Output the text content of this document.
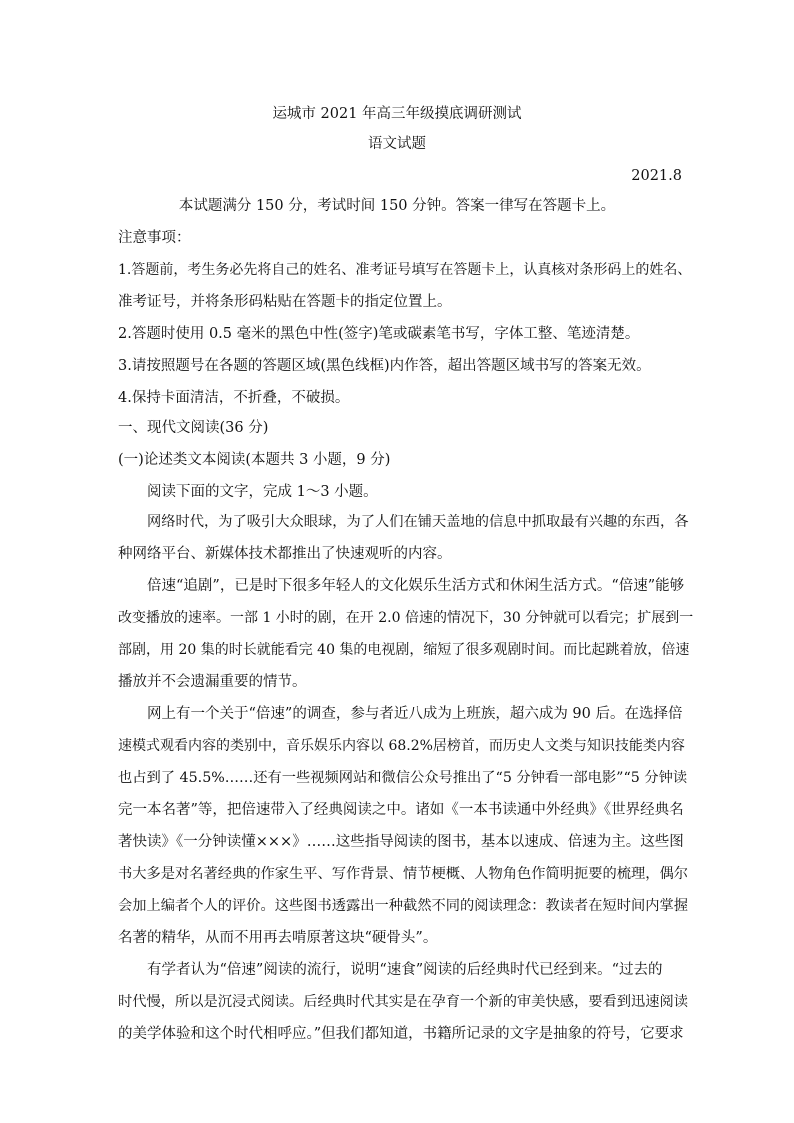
运城市 2021 年高三年级摸底调研测试
语文试题
2021.8
本试题满分 150 分，考试时间 150 分钟。答案一律写在答题卡上。
注意事项：
1.答题前，考生务必先将自己的姓名、准考证号填写在答题卡上，认真核对条形码上的姓名、
准考证号，并将条形码粘贴在答题卡的指定位置上。
2.答题时使用 0.5 毫米的黑色中性(签字)笔或碳素笔书写，字体工整、笔迹清楚。
3.请按照题号在各题的答题区域(黑色线框)内作答，超出答题区域书写的答案无效。
4.保持卡面清洁，不折叠，不破损。
一、现代文阅读(36 分)
(一)论述类文本阅读(本题共 3 小题，9 分)
阅读下面的文字，完成 1～3 小题。
网络时代，为了吸引大众眼球，为了人们在铺天盖地的信息中抓取最有兴趣的东西，各
种网络平台、新媒体技术都推出了快速观听的内容。
倍速“追剧”，已是时下很多年轻人的文化娱乐生活方式和休闲生活方式。“倍速”能够
改变播放的速率。一部 1 小时的剧，在开 2.0 倍速的情况下，30 分钟就可以看完；扩展到一
部剧，用 20 集的时长就能看完 40 集的电视剧，缩短了很多观剧时间。而比起跳着放，倍速
播放并不会遗漏重要的情节。
网上有一个关于“倍速”的调查，参与者近八成为上班族，超六成为 90 后。在选择倍
速模式观看内容的类别中，音乐娱乐内容以 68.2%居榜首，而历史人文类与知识技能类内容
也占到了 45.5%……还有一些视频网站和微信公众号推出了“5 分钟看一部电影”“5 分钟读
完一本名著”等，把倍速带入了经典阅读之中。诸如《一本书读通中外经典》《世界经典名
著快读》《一分钟读懂×××》……这些指导阅读的图书，基本以速成、倍速为主。这些图
书大多是对名著经典的作家生平、写作背景、情节梗概、人物角色作简明扼要的梳理，偶尔
会加上编者个人的评价。这些图书透露出一种截然不同的阅读理念：教读者在短时间内掌握
名著的精华，从而不用再去啃原著这块“硬骨头”。
有学者认为“倍速”阅读的流行，说明“速食”阅读的后经典时代已经到来。“过去的
时代慢，所以是沉浸式阅读。后经典时代其实是在孕育一个新的审美快感，要看到迅速阅读
的美学体验和这个时代相呼应。”但我们都知道，书籍所记录的文字是抽象的符号，它要求
